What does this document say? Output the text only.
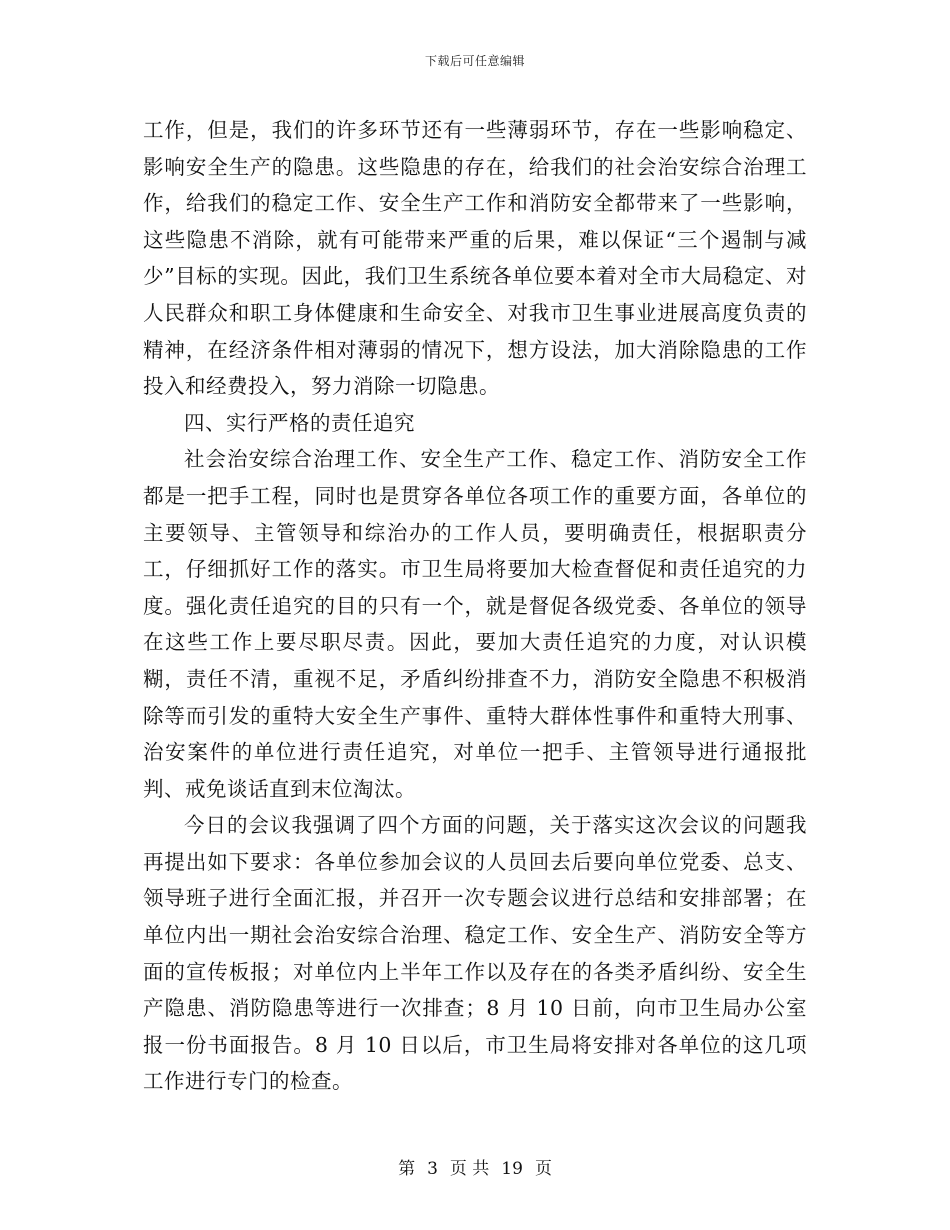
下载后可任意编辑

工作，但是，我们的许多环节还有一些薄弱环节，存在一些影响稳定、影响安全生产的隐患。这些隐患的存在，给我们的社会治安综合治理工作，给我们的稳定工作、安全生产工作和消防安全都带来了一些影响，这些隐患不消除，就有可能带来严重的后果，难以保证“三个遏制与减少”目标的实现。因此，我们卫生系统各单位要本着对全市大局稳定、对人民群众和职工身体健康和生命安全、对我市卫生事业进展高度负责的精神，在经济条件相对薄弱的情况下，想方设法，加大消除隐患的工作投入和经费投入，努力消除一切隐患。

四、实行严格的责任追究

社会治安综合治理工作、安全生产工作、稳定工作、消防安全工作都是一把手工程，同时也是贯穿各单位各项工作的重要方面，各单位的主要领导、主管领导和综治办的工作人员，要明确责任，根据职责分工，仔细抓好工作的落实。市卫生局将要加大检查督促和责任追究的力度。强化责任追究的目的只有一个，就是督促各级党委、各单位的领导在这些工作上要尽职尽责。因此，要加大责任追究的力度，对认识模糊，责任不清，重视不足，矛盾纠纷排查不力，消防安全隐患不积极消除等而引发的重特大安全生产事件、重特大群体性事件和重特大刑事、治安案件的单位进行责任追究，对单位一把手、主管领导进行通报批判、戒免谈话直到末位淘汰。

今日的会议我强调了四个方面的问题，关于落实这次会议的问题我再提出如下要求：各单位参加会议的人员回去后要向单位党委、总支、领导班子进行全面汇报，并召开一次专题会议进行总结和安排部署；在单位内出一期社会治安综合治理、稳定工作、安全生产、消防安全等方面的宣传板报；对单位内上半年工作以及存在的各类矛盾纠纷、安全生产隐患、消防隐患等进行一次排查；8 月 10 日前，向市卫生局办公室报一份书面报告。8 月 10 日以后，市卫生局将安排对各单位的这几项工作进行专门的检查。

第 3 页 共 19 页
